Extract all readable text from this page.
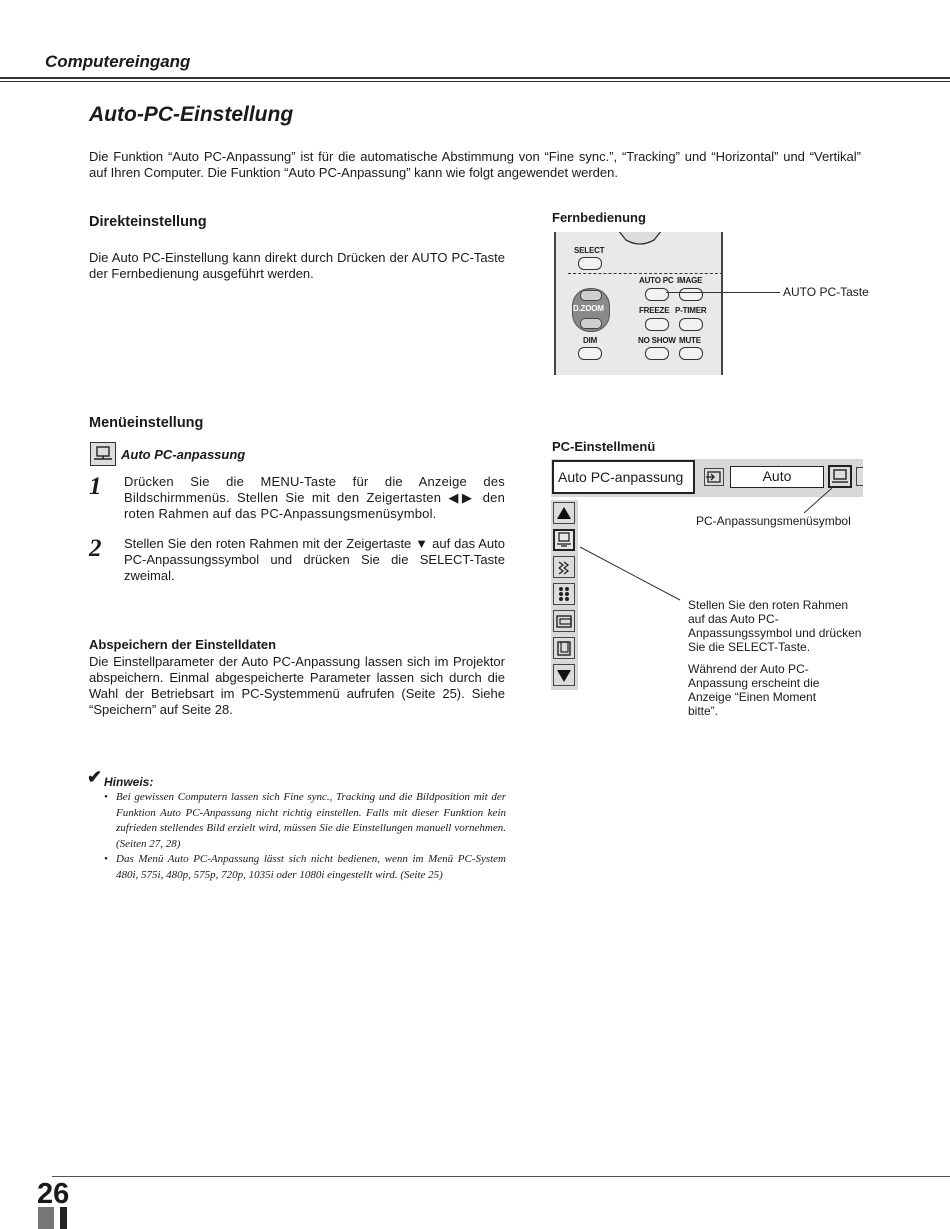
Computereingang
Auto-PC-Einstellung
Die Funktion “Auto PC-Anpassung” ist für die automatische Abstimmung von “Fine sync.”, “Tracking” und “Horizontal” und “Vertikal” auf Ihren Computer. Die Funktion “Auto PC-Anpassung” kann wie folgt angewendet werden.
Direkteinstellung
Die Auto PC-Einstellung kann direkt durch Drücken der AUTO PC-Taste der Fernbedienung ausgeführt werden.
Fernbedienung
SELECT
AUTO PC IMAGE
D.ZOOM	FREEZE P-TIMER
DIM	NO SHOW MUTE
AUTO PC-Taste
Menüeinstellung
Auto PC-anpassung
1 Drücken Sie die MENU-Taste für die Anzeige des Bildschirmmenüs. Stellen Sie mit den Zeigertasten ◀▶ den roten Rahmen auf das PC-Anpassungsmenüsymbol.
2 Stellen Sie den roten Rahmen mit der Zeigertaste ▼ auf das Auto PC-Anpassungssymbol und drücken Sie die SELECT-Taste zweimal.
Abspeichern der Einstelldaten
Die Einstellparameter der Auto PC-Anpassung lassen sich im Projektor abspeichern. Einmal abgespeicherte Parameter lassen sich durch die Wahl der Betriebsart im PC-Systemmenü aufrufen (Seite 25). Siehe “Speichern” auf Seite 28.
PC-Einstellmenü
Auto PC-anpassung	Auto
PC-Anpassungsmenüsymbol
Stellen Sie den roten Rahmen auf das Auto PC-Anpassungssymbol und drücken Sie die SELECT-Taste.
Während der Auto PC-Anpassung erscheint die Anzeige “Einen Moment bitte”.
✔ Hinweis:
• Bei gewissen Computern lassen sich Fine sync., Tracking und die Bildposition mit der Funktion Auto PC-Anpassung nicht richtig einstellen. Falls mit dieser Funktion kein zufrieden stellendes Bild erzielt wird, müssen Sie die Einstellungen manuell vornehmen. (Seiten 27, 28)
• Das Menü Auto PC-Anpassung lässt sich nicht bedienen, wenn im Menü PC-System 480i, 575i, 480p, 575p, 720p, 1035i oder 1080i eingestellt wird. (Seite 25)
26
